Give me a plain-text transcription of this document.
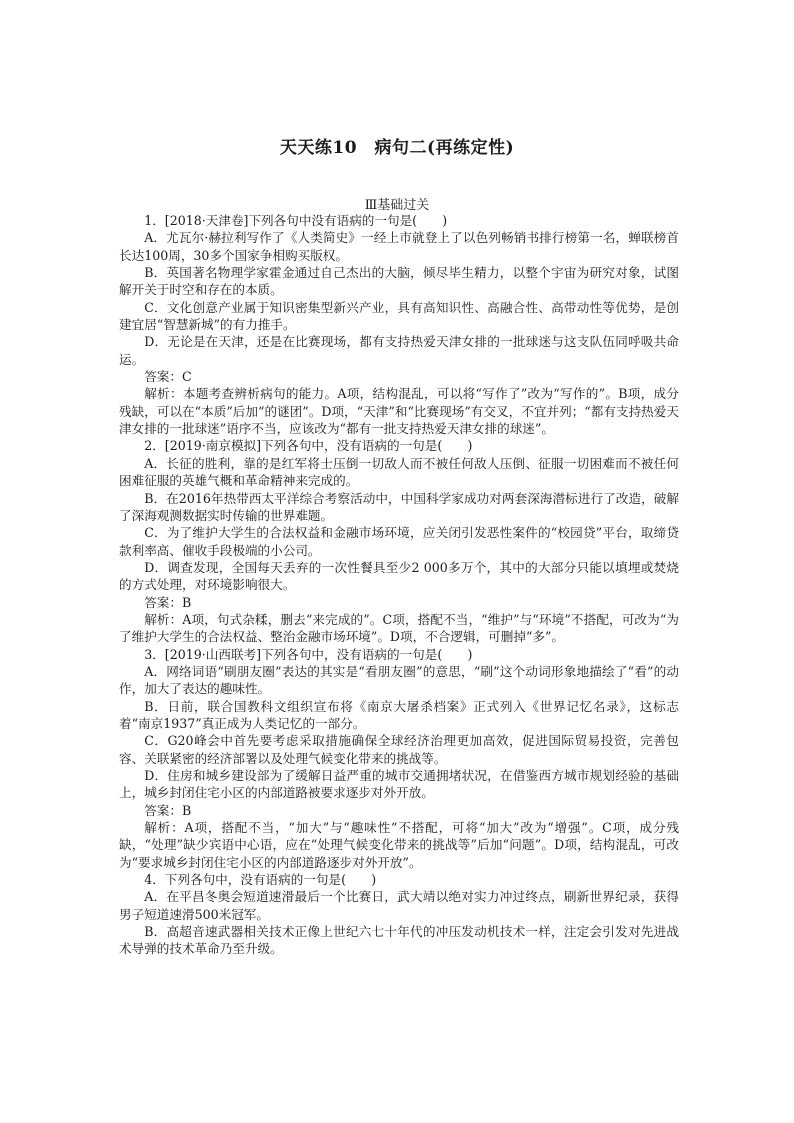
天天练10　病句二(再练定性)
Ⅲ基础过关

1．[2018·天津卷]下列各句中没有语病的一句是(　　)

A．尤瓦尔·赫拉利写作了《人类简史》一经上市就登上了以色列畅销书排行榜第一名，蝉联榜首长达100周，30多个国家争相购买版权。

B．英国著名物理学家霍金通过自己杰出的大脑，倾尽毕生精力，以整个宇宙为研究对象，试图解开关于时空和存在的本质。

C．文化创意产业属于知识密集型新兴产业，具有高知识性、高融合性、高带动性等优势，是创建宜居“智慧新城”的有力推手。

D．无论是在天津，还是在比赛现场，都有支持热爱天津女排的一批球迷与这支队伍同呼吸共命运。

答案：C

解析：本题考查辨析病句的能力。A项，结构混乱，可以将“写作了”改为“写作的”。B项，成分残缺，可以在“本质”后加“的谜团”。D项，“天津”和“比赛现场”有交叉，不宜并列；“都有支持热爱天津女排的一批球迷”语序不当，应该改为“都有一批支持热爱天津女排的球迷”。

2．[2019·南京模拟]下列各句中，没有语病的一句是(　　)

A．长征的胜利，靠的是红军将士压倒一切敌人而不被任何敌人压倒、征服一切困难而不被任何困难征服的英雄气概和革命精神来完成的。

B．在2016年热带西太平洋综合考察活动中，中国科学家成功对两套深海潜标进行了改造，破解了深海观测数据实时传输的世界难题。

C．为了维护大学生的合法权益和金融市场环境，应关闭引发恶性案件的“校园贷”平台，取缔贷款利率高、催收手段极端的小公司。

D．调查发现，全国每天丢弃的一次性餐具至少2 000多万个，其中的大部分只能以填埋或焚烧的方式处理，对环境影响很大。

答案：B

解析：A项，句式杂糅，删去“来完成的”。C项，搭配不当，“维护”与“环境”不搭配，可改为“为了维护大学生的合法权益、整治金融市场环境”。D项，不合逻辑，可删掉“多”。

3．[2019·山西联考]下列各句中，没有语病的一句是(　　)

A．网络词语“刷朋友圈”表达的其实是“看朋友圈”的意思，“刷”这个动词形象地描绘了“看”的动作，加大了表达的趣味性。

B．日前，联合国教科文组织宣布将《南京大屠杀档案》正式列入《世界记忆名录》，这标志着“南京1937”真正成为人类记忆的一部分。

C．G20峰会中首先要考虑采取措施确保全球经济治理更加高效，促进国际贸易投资，完善包容、关联紧密的经济部署以及处理气候变化带来的挑战等。

D．住房和城乡建设部为了缓解日益严重的城市交通拥堵状况，在借鉴西方城市规划经验的基础上，城乡封闭住宅小区的内部道路被要求逐步对外开放。

答案：B

解析：A项，搭配不当，“加大”与“趣味性”不搭配，可将“加大”改为“增强”。C项，成分残缺，“处理”缺少宾语中心语，应在“处理气候变化带来的挑战等”后加“问题”。D项，结构混乱，可改为“要求城乡封闭住宅小区的内部道路逐步对外开放”。

4．下列各句中，没有语病的一句是(　　)

A．在平昌冬奥会短道速滑最后一个比赛日，武大靖以绝对实力冲过终点，刷新世界纪录，获得男子短道速滑500米冠军。

B．高超音速武器相关技术正像上世纪六七十年代的冲压发动机技术一样，注定会引发对先进战术导弹的技术革命乃至升级。
